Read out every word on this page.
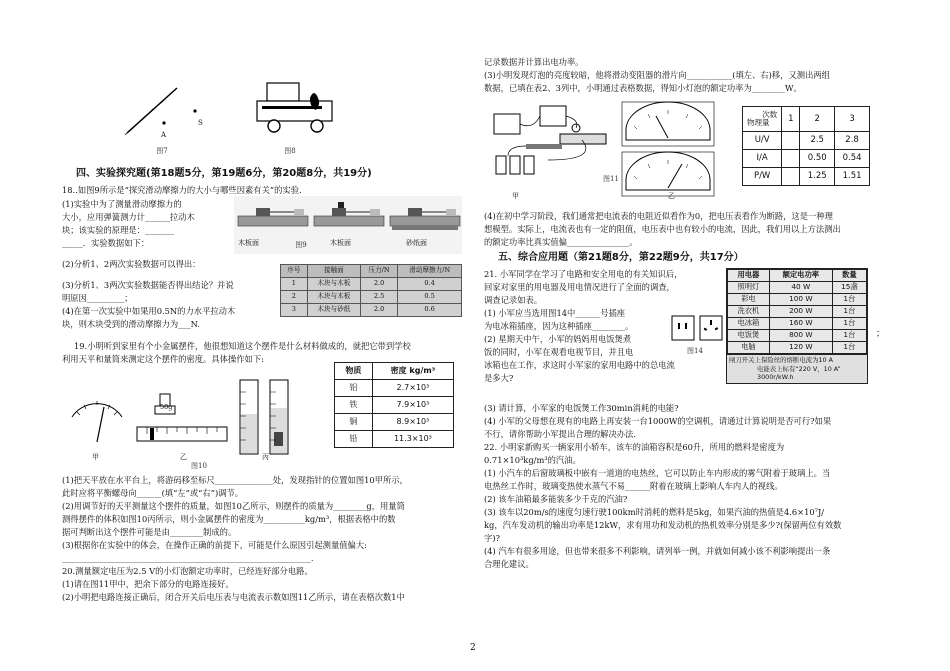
A
S
图7	图8
四、实验探究题(第18题5分，第19题6分，第20题8分，共19分)
18..如图9所示是“探究滑动摩擦力的大小与哪些因素有关”的实验.
(1)实验中为了测量滑动摩擦力的
大小，应用弹簧测力计______拉动木
块；该实验的原理是：_______
_____．实验数据如下：
(2)分析1、2两次实验数据可以得出：
(3)分析1、3两次实验数据能否得出结论？并说
明原因_________；
(4)在第一次实验中如果用0.5N的力水平拉动木
块，则木块受到的滑动摩擦力为___N.
木板面	图9	木板面	砂纸面
序号	接触面	压力/N	滑动摩擦力/N
1	木块与木板	2.0	0.4
2	木块与木板	2.5	0.5
3	木块与砂纸	2.0	0.6
19.小明听到家里有个小金属摆件，他很想知道这个摆件是什么材料做成的，就把它带到学校
利用天平和量筒来测定这个摆件的密度。具体操作如下:
50g
甲	乙	丙
图10
物质	密度 kg/m³
铝	2.7×10³
铁	7.9×10³
铜	8.9×10³
铅	11.3×10³
(1)把天平放在水平台上，将游码移至标尺______________处，发现指针的位置如图10甲所示，
此时应将平衡螺母向______(填“左”或“右”)调节。
(2)用调节好的天平测量这个摆件的质量，如图10乙所示，则摆件的质量为________g，用量筒
测得摆件的体积如图10丙所示，则小金属摆件的密度为__________kg/m³，根据表格中的数
据可判断出这个摆件可能是由________制成的。
(3)根据你在实验中的体会，在操作正确的前提下，可能是什么原因引起测量值偏大:
____________________________________________________________.
20.测量额定电压为2.5 V的小灯泡额定功率时，已经连好部分电路。
(1)请在图11甲中，把余下部分的电路连接好。
(2)小明把电路连接正确后，闭合开关后电压表与电流表示数如图11乙所示，请在表格次数1中
记录数据并计算出电功率。
(3)小明发现灯泡的亮度较暗，他将滑动变阻器的滑片向___________(填左、右)移，又测出两组
数据，已填在表2、3列中，小明通过表格数据，得知小灯泡的额定功率为________W。
图11
甲	乙
次数
物理量	1	2	3
U/V		2.5	2.8
I/A		0.50	0.54
P/W		1.25	1.51
(4)在初中学习阶段，我们通常把电流表的电阻近似看作为0，把电压表看作为断路，这是一种理
想模型。实际上，电流表也有一定的阻值，电压表中也有较小的电流，因此，我们用以上方法测出
的额定功率比真实值偏_______________。
五、综合应用题（第21题8分，第22题9分，共17分）
21. 小军同学在学习了电路和安全用电的有关知识后，
回家对家里的用电器及用电情况进行了全面的调查，
调查记录如表。
(1) 小军应当选用图14中______号插座
为电冰箱插座，因为这种插座________。
(2) 星期天中午，小军的妈妈用电饭煲煮
饭的同时，小军在观看电视节目，并且电
冰箱也在工作，求这时小军家的家用电路中的总电流
是多大?
图14
用电器	额定电功率	数量
照明灯	40 W	15盏
彩电	100 W	1台
洗衣机	200 W	1台
电冰箱	160 W	1台
电饭煲	800 W	1台
电脑	120 W	1台
闸刀开关上保险丝的熔断电流为10 A
电能表上标有“220 V，10 A”
3000r/kW.h
；
(3) 请计算，小军家的电饭煲工作30min消耗的电能?
(4) 小军的父母想在现有的电路上再安装一台1000W的空调机，请通过计算说明是否可行?如果
不行，请你帮助小军提出合理的解决办法.
22. 小明家新购买一辆家用小轿车，该车的油箱容积是60升，所用的燃料是密度为
0.71×10³kg/m³的汽油。
(1) 小汽车的后窗玻璃板中嵌有一道道的电热丝，它可以防止车内形成的雾气附着于玻璃上。当
电热丝工作时，玻璃变热使水蒸气不易______附着在玻璃上影响人车内人的视线。
(2) 该车油箱最多能装多少千克的汽油?
(3) 该车以20m/s的速度匀速行驶100km时消耗的燃料是5kg，如果汽油的热值是4.6×10⁷J/
kg，汽车发动机的输出功率是12kW，求有用功和发动机的热机效率分别是多少?(保留两位有效数
字)?
(4) 汽车有很多用途，但也带来很多不利影响，请列举一例，并就如何减小该不利影响提出一条
合理化建议。
2
